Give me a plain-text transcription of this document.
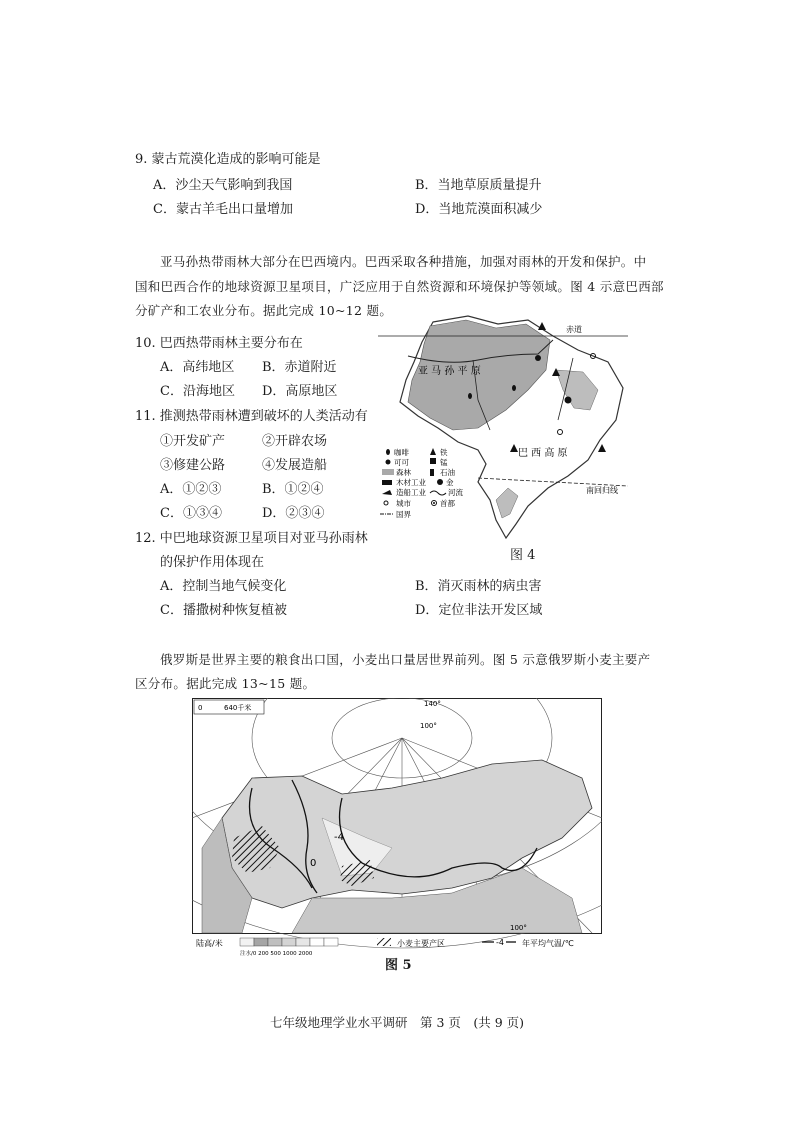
9. 蒙古荒漠化造成的影响可能是
A．沙尘天气影响到我国	B．当地草原质量提升
C．蒙古羊毛出口量增加	D．当地荒漠面积减少
亚马孙热带雨林大部分在巴西境内。巴西采取各种措施，加强对雨林的开发和保护。中
国和巴西合作的地球资源卫星项目，广泛应用于自然资源和环境保护等领域。图 4 示意巴西部
分矿产和工农业分布。据此完成 10~12 题。
10. 巴西热带雨林主要分布在
A．高纬地区 B．赤道附近
C．沿海地区 D．高原地区
11. 推测热带雨林遭到破坏的人类活动有
①开发矿产	②开辟农场
③修建公路	④发展造船
A．①②③	B．①②④
C．①③④	D．②③④
12. 中巴地球资源卫星项目对亚马孙雨林
的保护作用体现在
A．控制当地气候变化	B．消灭雨林的病虫害
C．播撒树种恢复植被	D．定位非法开发区域
赤道
南回归线
亚 马 孙 平 原
巴 西 高 原
咖啡	铁
可可	锰
森林	石油
木材工业	金
造船工业	河流
城市	首都
国界
图 4
俄罗斯是世界主要的粮食出口国，小麦出口量居世界前列。图 5 示意俄罗斯小麦主要产
区分布。据此完成 13~15 题。
0
-4
100°
140°
100°
0	640千米
陆高/米
注水/0 200 500 1000 2000
小麦主要产区	-4 年平均气温/℃
图 5
七年级地理学业水平调研　第 3 页　(共 9 页)
